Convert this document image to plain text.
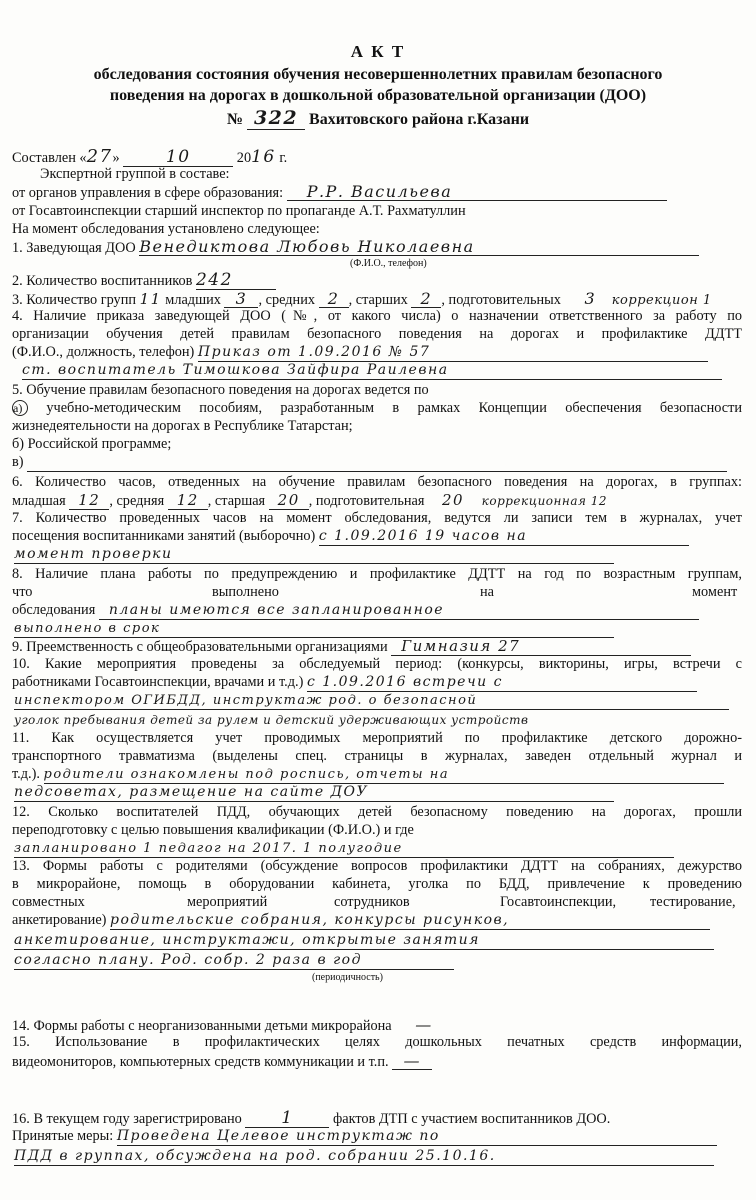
А К Т
обследования состояния обучения несовершеннолетних правилам безопасного
поведения на дорогах в дошкольной образовательной организации (ДОО)
№ 322 Вахитовского района г.Казани
Составлен «27»	10	2016 г.
Экспертной группой в составе:
от органов управления в сфере образования: Р.Р. Васильева
от Госавтоинспекции старший инспектор по пропаганде А.Т. Рахматуллин
На момент обследования установлено следующее:
1. Заведующая ДОО Венедиктова Любовь Николаевна
(Ф.И.О., телефон)
2. Количество воспитанников 242
3. Количество групп 11 младших 3 , средних 2 , старших 2 , подготовительных 3 коррекцион 1
4. Наличие приказа заведующей ДОО (№, от какого числа) о назначении ответственного за работу по
организации обучения детей правилам безопасного поведения на дорогах и профилактике ДДТТ
(Ф.И.О., должность, телефон) Приказ от 1.09.2016 № 57
ст. воспитатель Тимошкова Зайфира Раилевна
5. Обучение правилам безопасного поведения на дорогах ведется по
а) учебно-методическим пособиям, разработанным в рамках Концепции обеспечения безопасности
жизнедеятельности на дорогах в Республике Татарстан;
б) Российской программе;
в)
6. Количество часов, отведенных на обучение правилам безопасного поведения на дорогах, в группах:
младшая 12 , средняя 12 , старшая 20 , подготовительная 20 коррекционная 12
7. Количество проведенных часов на момент обследования, ведутся ли записи тем в журналах, учет
посещения воспитанниками занятий (выборочно) с 1.09.2016 19 часов на
момент проверки
8. Наличие плана работы по предупреждению и профилактике ДДТТ на год по возрастным группам,
что	выполнено	на	момент
обследования планы имеются все запланированное
выполнено в срок
9. Преемственность с общеобразовательными организациями Гимназия 27
10. Какие мероприятия проведены за обследуемый период: (конкурсы, викторины, игры, встречи с
работниками Госавтоинспекции, врачами и т.д.) с 1.09.2016 встречи с
инспектором ОГИБДД, инструктаж род. о безопасной
уголок пребывания детей за рулем и детский удерживающих устройств
11. Как осуществляется учет проводимых мероприятий по профилактике детского дорожно-
транспортного травматизма (выделены спец. страницы в журналах, заведен отдельный журнал и
т.д.). родители ознакомлены под роспись, отчеты на
педсоветах, размещение на сайте ДОУ
12. Сколько воспитателей ПДД, обучающих детей безопасному поведению на дорогах, прошли
переподготовку с целью повышения квалификации (Ф.И.О.) и где
запланировано 1 педагог на 2017. 1 полугодие
13. Формы работы с родителями (обсуждение вопросов профилактики ДДТТ на собраниях, дежурство
в микрорайоне, помощь в оборудовании кабинета, уголка по БДД, привлечение к проведению
совместных	мероприятий	сотрудников	Госавтоинспекции, тестирование,
анкетирование) родительские собрания, конкурсы рисунков,
анкетирование, инструктажи, открытые занятия
согласно плану. Род. собр. 2 раза в год
(периодичность)
14. Формы работы с неорганизованными детьми микрорайона —
15. Использование в профилактических целях дошкольных печатных средств информации,
видеомониторов, компьютерных средств коммуникации и т.п. —
16. В текущем году зарегистрировано 1	фактов ДТП с участием воспитанников ДОО.
Принятые меры: Проведена Целевое инструктаж по
ПДД в группах, обсуждена на род. собрании 25.10.16.
